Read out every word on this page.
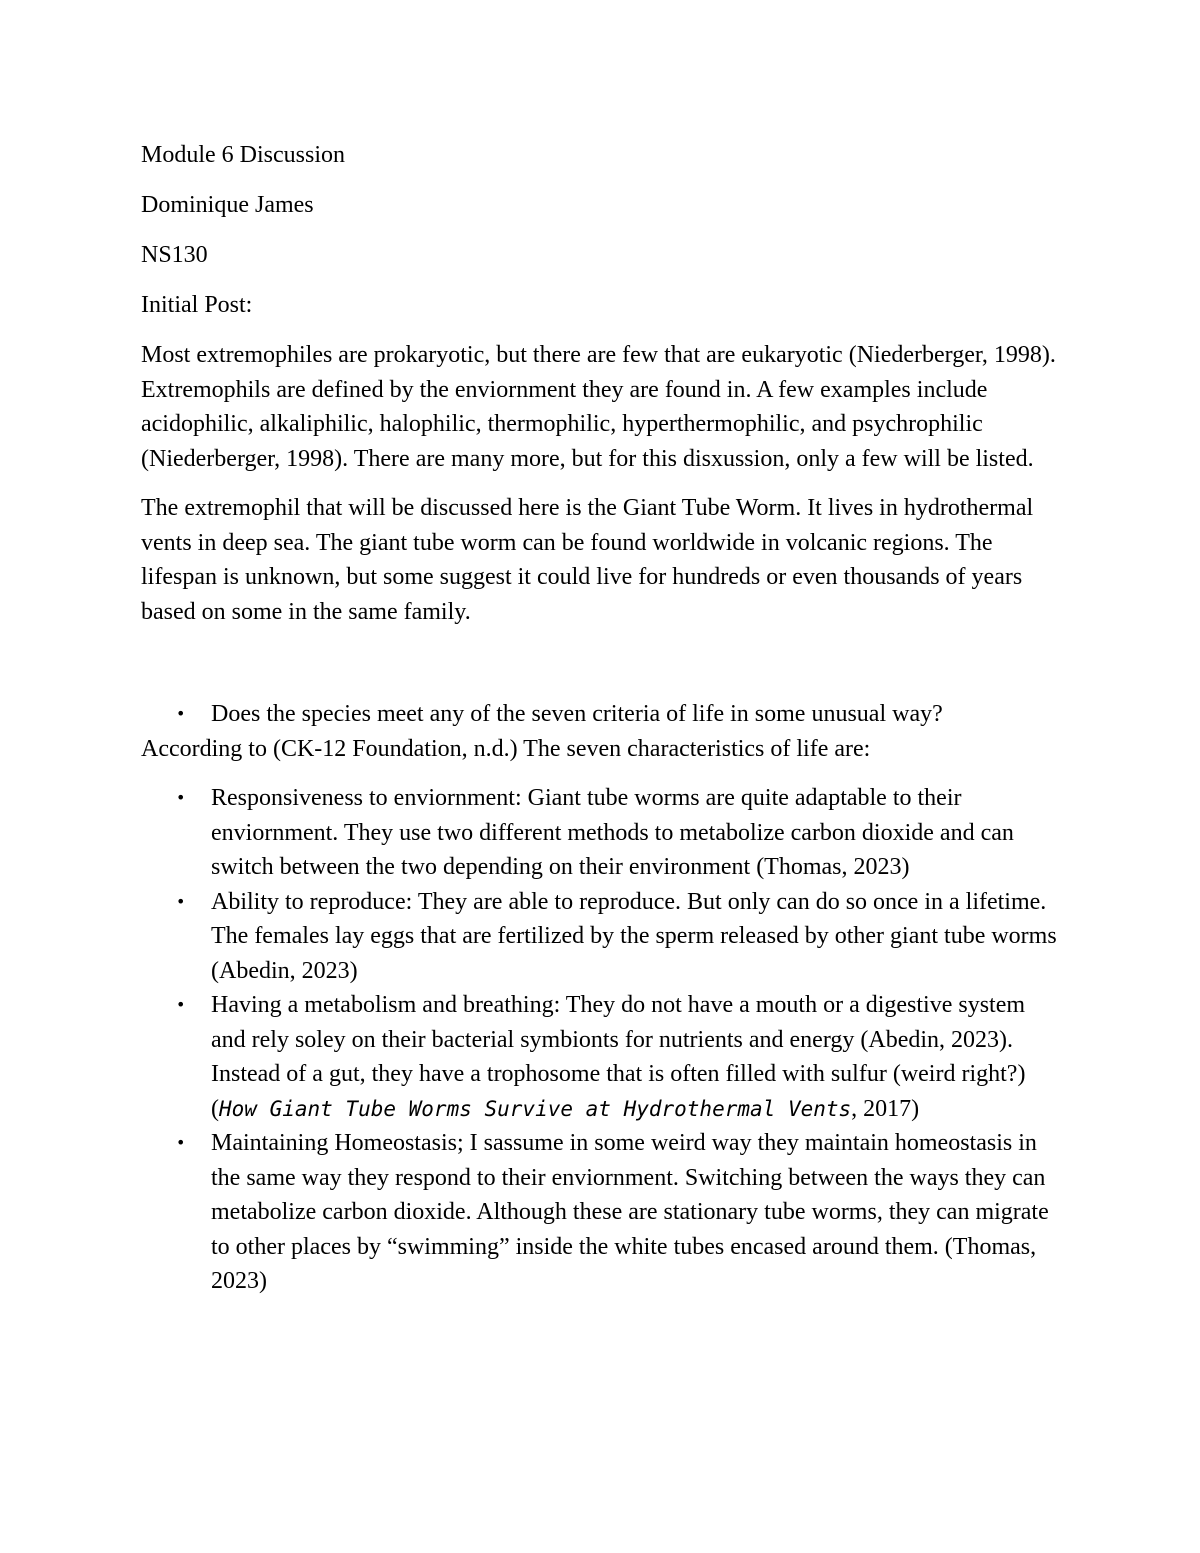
Module 6 Discussion
Dominique James
NS130
Initial Post:

Most extremophiles are prokaryotic, but there are few that are eukaryotic (Niederberger, 1998). Extremophils are defined by the enviornment they are found in. A few examples include acidophilic, alkaliphilic, halophilic, thermophilic, hyperthermophilic, and psychrophilic (Niederberger, 1998). There are many more, but for this disxussion, only a few will be listed.

The extremophil that will be discussed here is the Giant Tube Worm. It lives in hydrothermal vents in deep sea. The giant tube worm can be found worldwide in volcanic regions. The lifespan is unknown, but some suggest it could live for hundreds or even thousands of years based on some in the same family.

• Does the species meet any of the seven criteria of life in some unusual way?
According to (CK-12 Foundation, n.d.) The seven characteristics of life are:
• Responsiveness to enviornment: Giant tube worms are quite adaptable to their enviornment. They use two different methods to metabolize carbon dioxide and can switch between the two depending on their environment (Thomas, 2023)
• Ability to reproduce: They are able to reproduce. But only can do so once in a lifetime. The females lay eggs that are fertilized by the sperm released by other giant tube worms (Abedin, 2023)
• Having a metabolism and breathing: They do not have a mouth or a digestive system and rely soley on their bacterial symbionts for nutrients and energy (Abedin, 2023). Instead of a gut, they have a trophosome that is often filled with sulfur (weird right?) (How Giant Tube Worms Survive at Hydrothermal Vents, 2017)
• Maintaining Homeostasis; I sassume in some weird way they maintain homeostasis in the same way they respond to their enviornment. Switching between the ways they can metabolize carbon dioxide. Although these are stationary tube worms, they can migrate to other places by “swimming” inside the white tubes encased around them. (Thomas, 2023)
